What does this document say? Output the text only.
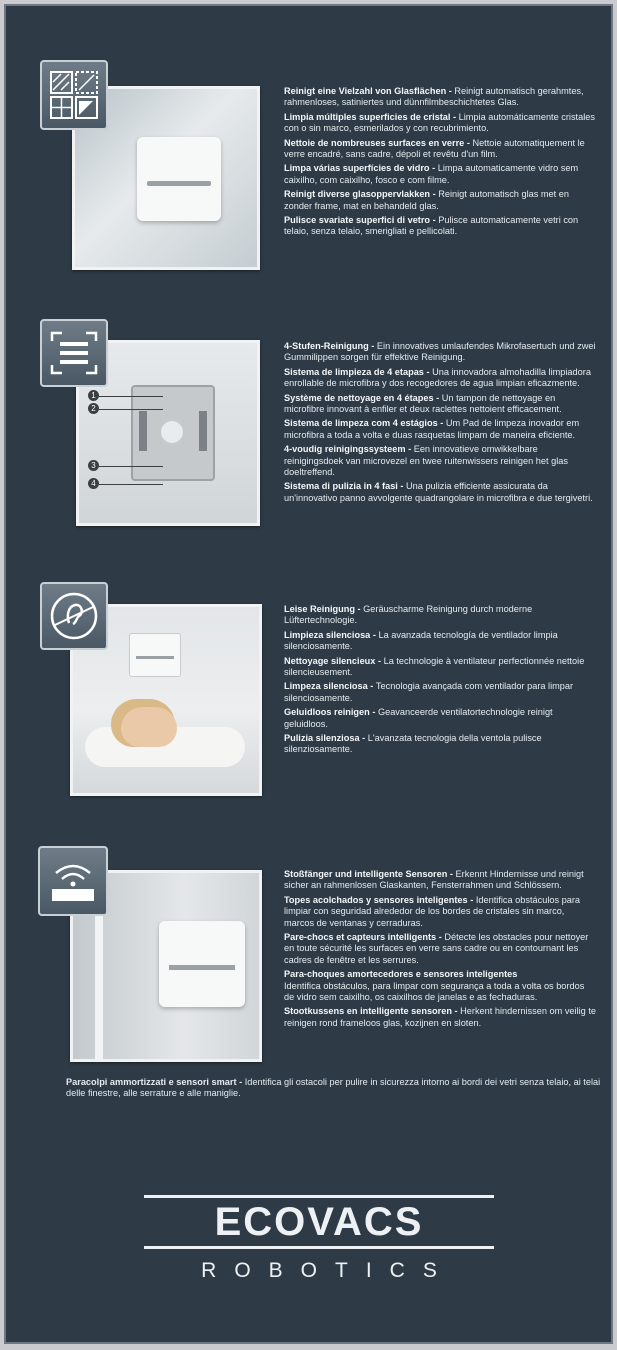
Reinigt eine Vielzahl von Glasflächen - Reinigt automatisch gerahmtes, rahmenloses, satiniertes und dünnfilmbeschichtetes Glas.

Limpia múltiples superficies de cristal - Limpia automáticamente cristales con o sin marco, esmerilados y con recubrimiento.

Nettoie de nombreuses surfaces en verre - Nettoie automatiquement le verre encadré, sans cadre, dépoli et revêtu d'un film.

Limpa várias superfícies de vidro - Limpa automaticamente vidro sem caixilho, com caixilho, fosco e com filme.

Reinigt diverse glasoppervlakken - Reinigt automatisch glas met en zonder frame, mat en behandeld glas.

Pulisce svariate superfici di vetro - Pulisce automaticamente vetri con telaio, senza telaio, smerigliati e pellicolati.

1
2
3
4

4-Stufen-Reinigung - Ein innovatives umlaufendes Mikrofasertuch und zwei Gummilippen sorgen für effektive Reinigung.

Sistema de limpieza de 4 etapas - Una innovadora almohadilla limpiadora enrollable de microfibra y dos recogedores de agua limpian eficazmente.

Système de nettoyage en 4 étapes - Un tampon de nettoyage en microfibre innovant à enfiler et deux raclettes nettoient efficacement.

Sistema de limpeza com 4 estágios - Um Pad de limpeza inovador em microfibra a toda a volta e duas rasquetas limpam de maneira eficiente.

4-voudig reinigingssysteem - Een innovatieve omwikkelbare reinigingsdoek van microvezel en twee ruitenwissers reinigen het glas doeltreffend.

Sistema di pulizia in 4 fasi - Una pulizia efficiente assicurata da un'innovativo panno avvolgente quadrangolare in microfibra e due tergivetri.

Leise Reinigung - Geräuscharme Reinigung durch moderne Lüftertechnologie.

Limpieza silenciosa - La avanzada tecnología de ventilador limpia silenciosamente.

Nettoyage silencieux - La technologie à ventilateur perfectionnée nettoie silencieusement.

Limpeza silenciosa - Tecnologia avançada com ventilador para limpar silenciosamente.

Geluidloos reinigen - Geavanceerde ventilatortechnologie reinigt geluidloos.

Pulizia silenziosa - L'avanzata tecnologia della ventola pulisce silenziosamente.

Stoßfänger und intelligente Sensoren - Erkennt Hindernisse und reinigt sicher an rahmenlosen Glaskanten, Fensterrahmen und Schlössern.

Topes acolchados y sensores inteligentes - Identifica obstáculos para limpiar con seguridad alrededor de los bordes de cristales sin marco, marcos de ventanas y cerraduras.

Pare-chocs et capteurs intelligents - Détecte les obstacles pour nettoyer en toute sécurité les surfaces en verre sans cadre ou en contournant les cadres de fenêtre et les serrures.

Para-choques amortecedores e sensores inteligentes
Identifica obstáculos, para limpar com segurança a toda a volta os bordos de vidro sem caixilho, os caixilhos de janelas e as fechaduras.

Stootkussens en intelligente sensoren - Herkent hindernissen om veilig te reinigen rond frameloos glas, kozijnen en sloten.

Paracolpi ammortizzati e sensori smart - Identifica gli ostacoli per pulire in sicurezza intorno ai bordi dei vetri senza telaio, ai telai delle finestre, alle serrature e alle maniglie.

ECOVACS
ROBOTICS
